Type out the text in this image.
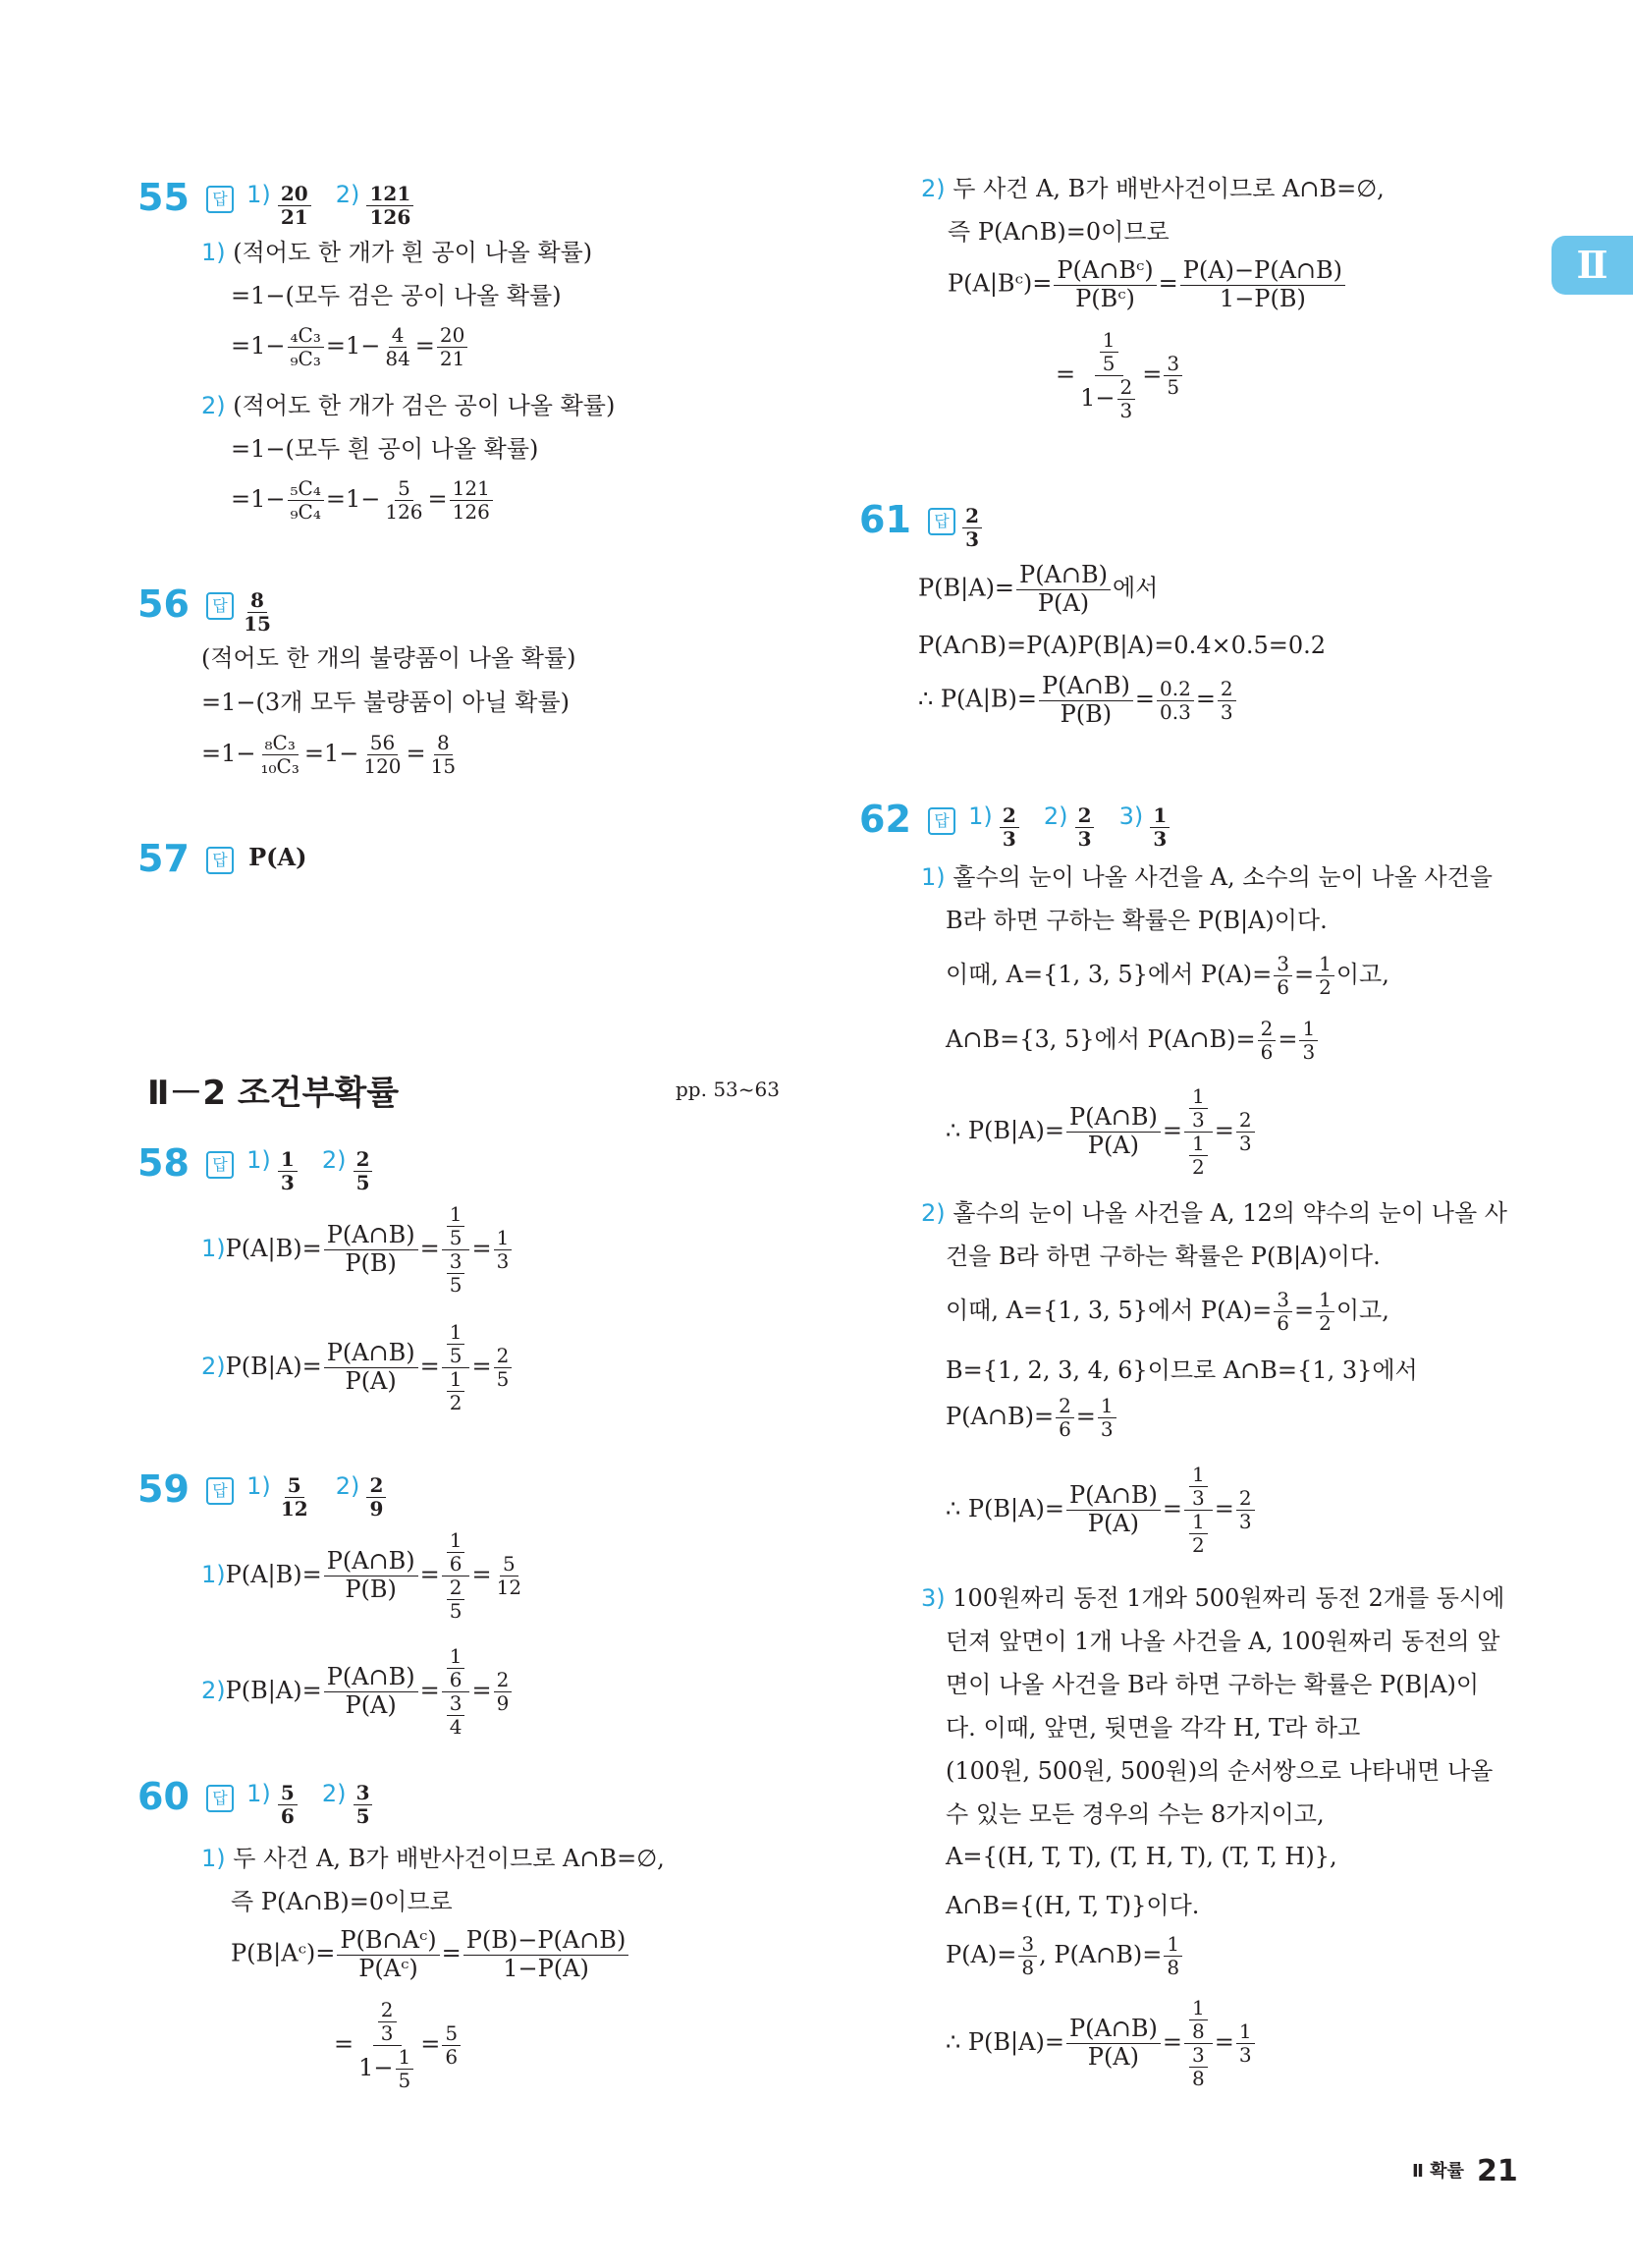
Ⅱ
55 답 $1) \frac{20}{21} 2) \frac{121}{126}$
1) (적어도 한 개가 흰 공이 나올 확률)
=1−(모두 검은 공이 나올 확률)
$=1- \frac{\text{₄C₃}}{\text{₉C₃}} =1- \frac{4}{84} = \frac{20}{21}$
2) (적어도 한 개가 검은 공이 나올 확률)
=1−(모두 흰 공이 나올 확률)
$=1- \frac{\text{₅C₄}}{\text{₉C₄}} =1- \frac{5}{126} = \frac{121}{126}$
56 답 $\frac{8}{15}$
(적어도 한 개의 불량품이 나올 확률)
=1−(3개 모두 불량품이 아닐 확률)
$=1- \frac{\text{₈C₃}}{\text{₁₀C₃}} =1- \frac{56}{120} = \frac{8}{15}$
57 답 P(A)
Ⅱ－2 조건부확률	pp. 53~63
58 답 $1) \frac{1}{3} 2) \frac{2}{5}$
$1)P(A|B)= \frac{P(A\cap B)}{P(B)} = \frac{\frac{1}{5}}{\frac{3}{5}} = \frac{1}{3}$
$2)P(B|A)= \frac{P(A\cap B)}{P(A)} = \frac{\frac{1}{5}}{\frac{1}{2}} = \frac{2}{5}$
59 답 $1) \frac{5}{12} 2) \frac{2}{9}$
$1)P(A|B)= \frac{P(A\cap B)}{P(B)} = \frac{\frac{1}{6}}{\frac{2}{5}} = \frac{5}{12}$
$2)P(B|A)= \frac{P(A\cap B)}{P(A)} = \frac{\frac{1}{6}}{\frac{3}{4}} = \frac{2}{9}$
60 답 $1) \frac{5}{6} 2) \frac{3}{5}$
1) 두 사건 A, B가 배반사건이므로 A∩B=∅,
즉 P(A∩B)=0이므로
P(B|Aᶜ)= $\frac{\text{P(B∩Aᶜ)}}{\text{P(Aᶜ)}} = \frac{P(B)-P(A\cap B)}{1-P(A)}$
= $\frac{\frac{2}{3}}{1- \frac{1}{5}} = \frac{5}{6}$
2) 두 사건 A, B가 배반사건이므로 A∩B=∅,
즉 P(A∩B)=0이므로
P(A|Bᶜ)= $\frac{\text{P(A∩Bᶜ)}}{\text{P(Bᶜ)}} = \frac{P(A)-P(A\cap B)}{1-P(B)}$
= $\frac{\frac{1}{5}}{1- \frac{2}{3}} = \frac{3}{5}$
61 답 $\frac{2}{3}$
$P(B|A)= \frac{P(A\cap B)}{P(A)}$ 에서
P(A∩B)=P(A)P(B|A)=0.4×0.5=0.2
∴ $P(A|B)= \frac{P(A\cap B)}{P(B)} = \frac{0.2}{0.3} = \frac{2}{3}$
62 답 $1) \frac{2}{3} 2) \frac{2}{3} 3) \frac{1}{3}$
1) 홀수의 눈이 나올 사건을 A, 소수의 눈이 나올 사건을
B라 하면 구하는 확률은 P(B|A)이다.
이때, A={1, 3, 5}에서 $P(A)= \frac{3}{6} = \frac{1}{2}$ 이고,
A∩B={3, 5}에서 P(A∩B)= $\frac{2}{6} = \frac{1}{3}$
∴ $P(B|A)= \frac{P(A\cap B)}{P(A)} = \frac{\frac{1}{3}}{\frac{1}{2}} = \frac{2}{3}$
2) 홀수의 눈이 나올 사건을 A, 12의 약수의 눈이 나올 사
건을 B라 하면 구하는 확률은 P(B|A)이다.
이때, A={1, 3, 5}에서 $P(A)= \frac{3}{6} = \frac{1}{2}$ 이고,
B={1, 2, 3, 4, 6}이므로 A∩B={1, 3}에서
P(A∩B)= $\frac{2}{6} = \frac{1}{3}$
∴ $P(B|A)= \frac{P(A\cap B)}{P(A)} = \frac{\frac{1}{3}}{\frac{1}{2}} = \frac{2}{3}$
3) 100원짜리 동전 1개와 500원짜리 동전 2개를 동시에
던져 앞면이 1개 나올 사건을 A, 100원짜리 동전의 앞
면이 나올 사건을 B라 하면 구하는 확률은 P(B|A)이
다. 이때, 앞면, 뒷면을 각각 H, T라 하고
(100원, 500원, 500원)의 순서쌍으로 나타내면 나올
수 있는 모든 경우의 수는 8가지이고,
A={(H, T, T), (T, H, T), (T, T, H)},
A∩B={(H, T, T)}이다.
$P(A)= \frac{3}{8}$ , P(A∩B)= $\frac{1}{8}$
∴ $P(B|A)= \frac{P(A\cap B)}{P(A)} = \frac{\frac{1}{8}}{\frac{3}{8}} = \frac{1}{3}$
Ⅱ 확률 21
